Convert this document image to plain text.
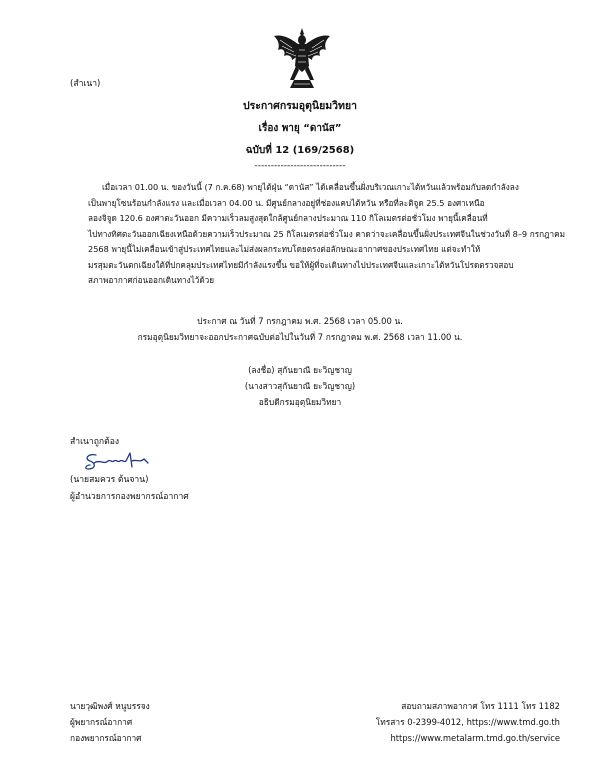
(สำเนา)
ประกาศกรมอุตุนิยมวิทยา
เรื่อง พายุ “ดานัส”
ฉบับที่ 12 (169/2568)
----------------------------
เมื่อเวลา 01.00 น. ของวันนี้ (7 ก.ค.68) พายุไต้ฝุ่น “ดานัส” ได้เคลื่อนขึ้นฝั่งบริเวณเกาะไต้หวันแล้วพร้อมกับลดกำลังลง
เป็นพายุโซนร้อนกำลังแรง และเมื่อเวลา 04.00 น. มีศูนย์กลางอยู่ที่ช่องแคบไต้หวัน หรือที่ละติจูด 25.5 องศาเหนือ
ลองจิจูด 120.6 องศาตะวันออก มีความเร็วลมสูงสุดใกล้ศูนย์กลางประมาณ 110 กิโลเมตรต่อชั่วโมง พายุนี้เคลื่อนที่
ไปทางทิศตะวันออกเฉียงเหนือด้วยความเร็วประมาณ 25 กิโลเมตรต่อชั่วโมง คาดว่าจะเคลื่อนขึ้นฝั่งประเทศจีนในช่วงวันที่ 8–9 กรกฎาคม
2568 พายุนี้ไม่เคลื่อนเข้าสู่ประเทศไทยและไม่ส่งผลกระทบโดยตรงต่อลักษณะอากาศของประเทศไทย แต่จะทำให้
มรสุมตะวันตกเฉียงใต้ที่ปกคลุมประเทศไทยมีกำลังแรงขึ้น ขอให้ผู้ที่จะเดินทางไปประเทศจีนและเกาะไต้หวันโปรดตรวจสอบ
สภาพอากาศก่อนออกเดินทางไว้ด้วย
ประกาศ ณ วันที่ 7 กรกฎาคม พ.ศ. 2568 เวลา 05.00 น.
กรมอุตุนิยมวิทยาจะออกประกาศฉบับต่อไปในวันที่ 7 กรกฎาคม พ.ศ. 2568 เวลา 11.00 น.
(ลงชื่อ) สุกันยาณี ยะวิญชาญ
(นางสาวสุกันยาณี ยะวิญชาญ)
อธิบดีกรมอุตุนิยมวิทยา
สำเนาถูกต้อง
(นายสมควร ต้นจาน)
ผู้อำนวยการกองพยากรณ์อากาศ
นายวุฒิพงศ์ หนูบรรจง
ผู้พยากรณ์อากาศ
กองพยากรณ์อากาศ
สอบถามสภาพอากาศ โทร 1111 โทร 1182
โทรสาร 0-2399-4012, https://www.tmd.go.th
https://www.metalarm.tmd.go.th/service
